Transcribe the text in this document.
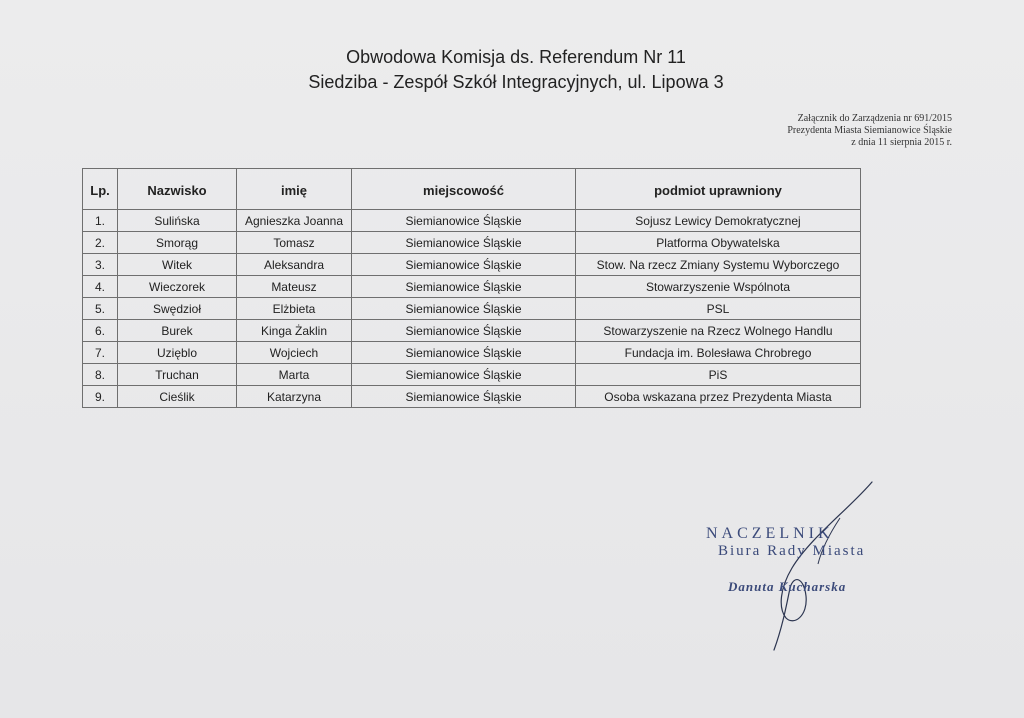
Obwodowa Komisja ds. Referendum Nr 11
Siedziba - Zespół Szkół Integracyjnych, ul. Lipowa 3
Załącznik do Zarządzenia nr 691/2015
Prezydenta Miasta Siemianowice Śląskie
z dnia 11 sierpnia 2015 r.
Lp.	Nazwisko	imię	miejscowość	podmiot uprawniony
1.	Sulińska	Agnieszka Joanna	Siemianowice Śląskie	Sojusz Lewicy Demokratycznej
2.	Smorąg	Tomasz	Siemianowice Śląskie	Platforma Obywatelska
3.	Witek	Aleksandra	Siemianowice Śląskie	Stow. Na rzecz Zmiany Systemu Wyborczego
4.	Wieczorek	Mateusz	Siemianowice Śląskie	Stowarzyszenie Wspólnota
5.	Swędzioł	Elżbieta	Siemianowice Śląskie	PSL
6.	Burek	Kinga Żaklin	Siemianowice Śląskie	Stowarzyszenie na Rzecz Wolnego Handlu
7.	Uzięblo	Wojciech	Siemianowice Śląskie	Fundacja im. Bolesława Chrobrego
8.	Truchan	Marta	Siemianowice Śląskie	PiS
9.	Cieślik	Katarzyna	Siemianowice Śląskie	Osoba wskazana przez Prezydenta Miasta
NACZELNIK
Biura Rady Miasta
Danuta Kucharska
